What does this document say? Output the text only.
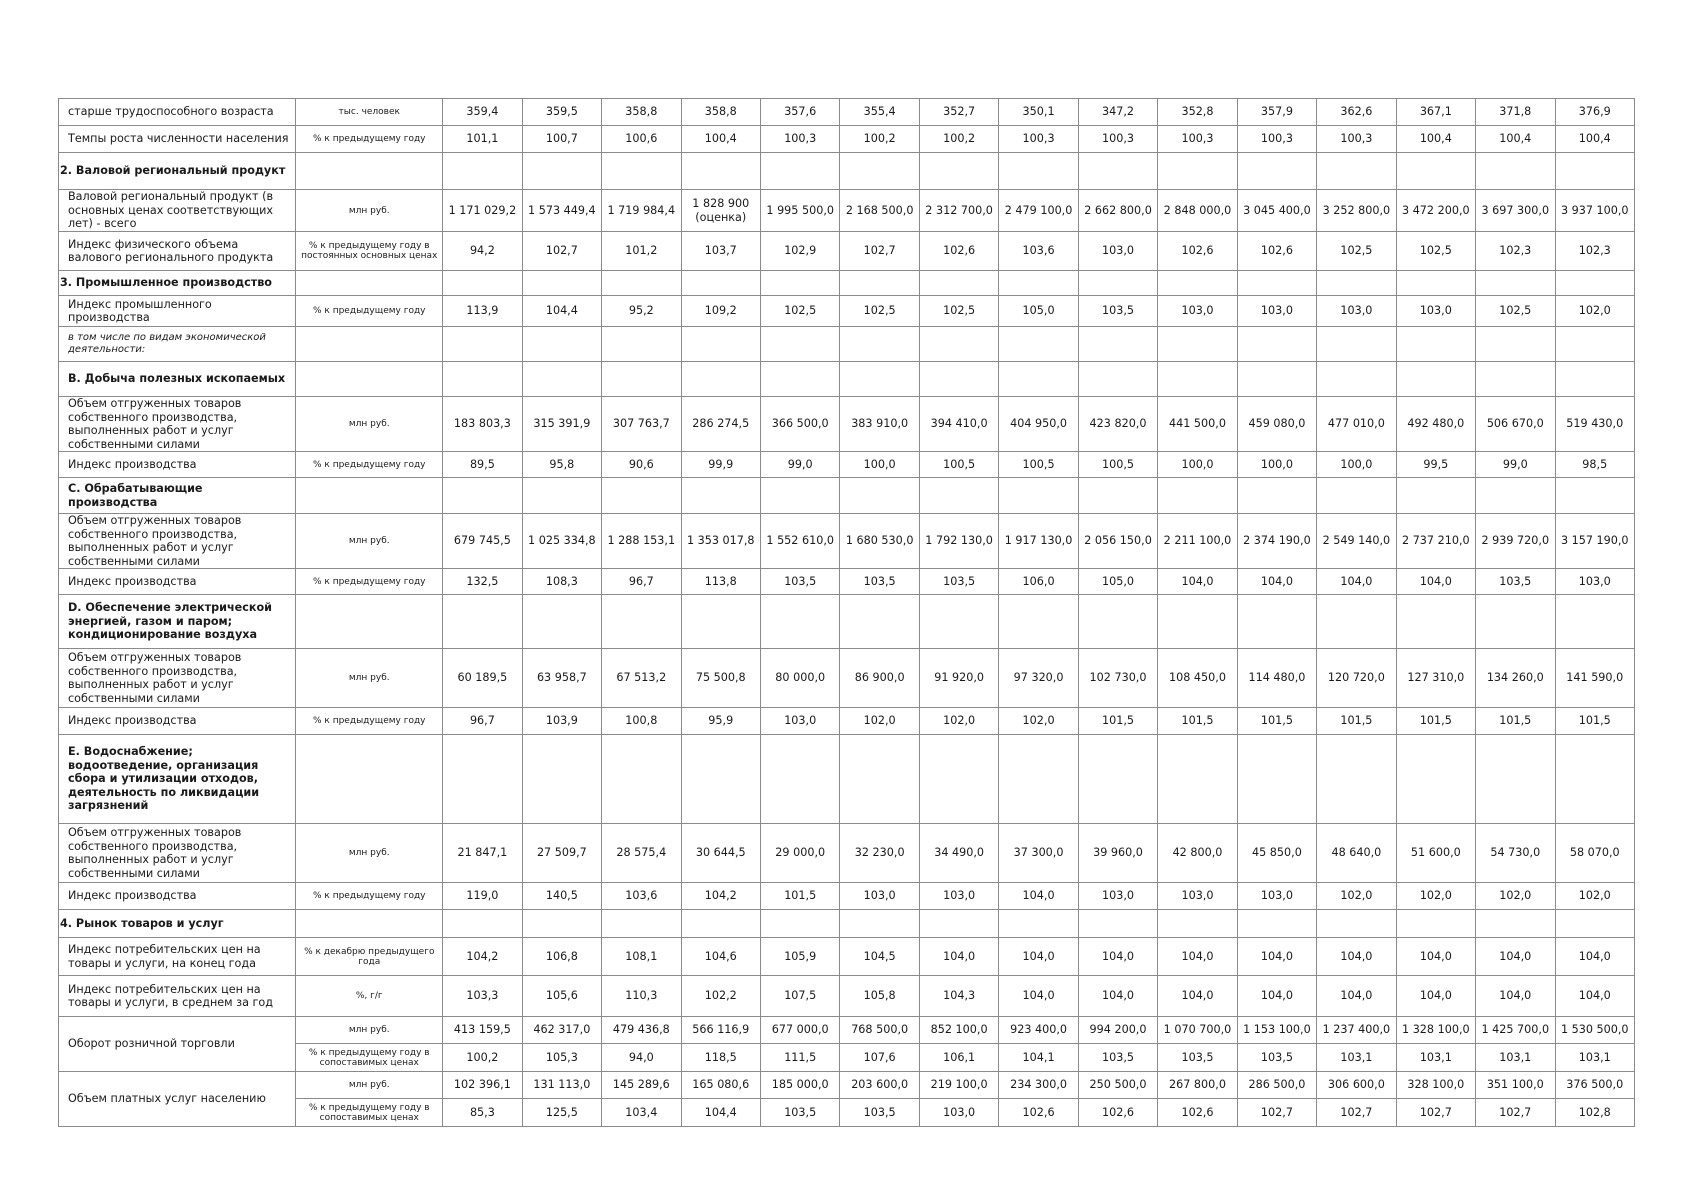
старше трудоспособного возраста	тыс. человек	359,4	359,5	358,8	358,8	357,6	355,4	352,7	350,1	347,2	352,8	357,9	362,6	367,1	371,8	376,9
Темпы роста численности населения	% к предыдущему году	101,1	100,7	100,6	100,4	100,3	100,2	100,2	100,3	100,3	100,3	100,3	100,3	100,4	100,4	100,4
2. Валовой региональный продукт																
Валовой региональный продукт (в основных ценах соответствующих лет) - всего	млн руб.	1 171 029,2	1 573 449,4	1 719 984,4	1 828 900 (оценка)	1 995 500,0	2 168 500,0	2 312 700,0	2 479 100,0	2 662 800,0	2 848 000,0	3 045 400,0	3 252 800,0	3 472 200,0	3 697 300,0	3 937 100,0
Индекс физического объема валового регионального продукта	% к предыдущему году в постоянных основных ценах	94,2	102,7	101,2	103,7	102,9	102,7	102,6	103,6	103,0	102,6	102,6	102,5	102,5	102,3	102,3
3. Промышленное производство																
Индекс промышленного производства	% к предыдущему году	113,9	104,4	95,2	109,2	102,5	102,5	102,5	105,0	103,5	103,0	103,0	103,0	103,0	102,5	102,0
в том числе по видам экономической деятельности:																
B. Добыча полезных ископаемых																
Объем отгруженных товаров собственного производства, выполненных работ и услуг собственными силами	млн руб.	183 803,3	315 391,9	307 763,7	286 274,5	366 500,0	383 910,0	394 410,0	404 950,0	423 820,0	441 500,0	459 080,0	477 010,0	492 480,0	506 670,0	519 430,0
Индекс производства	% к предыдущему году	89,5	95,8	90,6	99,9	99,0	100,0	100,5	100,5	100,5	100,0	100,0	100,0	99,5	99,0	98,5
C. Обрабатывающие производства																
Объем отгруженных товаров собственного производства, выполненных работ и услуг собственными силами	млн руб.	679 745,5	1 025 334,8	1 288 153,1	1 353 017,8	1 552 610,0	1 680 530,0	1 792 130,0	1 917 130,0	2 056 150,0	2 211 100,0	2 374 190,0	2 549 140,0	2 737 210,0	2 939 720,0	3 157 190,0
Индекс производства	% к предыдущему году	132,5	108,3	96,7	113,8	103,5	103,5	103,5	106,0	105,0	104,0	104,0	104,0	104,0	103,5	103,0
D. Обеспечение электрической энергией, газом и паром; кондиционирование воздуха																
Объем отгруженных товаров собственного производства, выполненных работ и услуг собственными силами	млн руб.	60 189,5	63 958,7	67 513,2	75 500,8	80 000,0	86 900,0	91 920,0	97 320,0	102 730,0	108 450,0	114 480,0	120 720,0	127 310,0	134 260,0	141 590,0
Индекс производства	% к предыдущему году	96,7	103,9	100,8	95,9	103,0	102,0	102,0	102,0	101,5	101,5	101,5	101,5	101,5	101,5	101,5
E. Водоснабжение; водоотведение, организация сбора и утилизации отходов, деятельность по ликвидации загрязнений																
Объем отгруженных товаров собственного производства, выполненных работ и услуг собственными силами	млн руб.	21 847,1	27 509,7	28 575,4	30 644,5	29 000,0	32 230,0	34 490,0	37 300,0	39 960,0	42 800,0	45 850,0	48 640,0	51 600,0	54 730,0	58 070,0
Индекс производства	% к предыдущему году	119,0	140,5	103,6	104,2	101,5	103,0	103,0	104,0	103,0	103,0	103,0	102,0	102,0	102,0	102,0
4. Рынок товаров и услуг																
Индекс потребительских цен на товары и услуги, на конец года	% к декабрю предыдущего года	104,2	106,8	108,1	104,6	105,9	104,5	104,0	104,0	104,0	104,0	104,0	104,0	104,0	104,0	104,0
Индекс потребительских цен на товары и услуги, в среднем за год	%, г/г	103,3	105,6	110,3	102,2	107,5	105,8	104,3	104,0	104,0	104,0	104,0	104,0	104,0	104,0	104,0
Оборот розничной торговли	млн руб.	413 159,5	462 317,0	479 436,8	566 116,9	677 000,0	768 500,0	852 100,0	923 400,0	994 200,0	1 070 700,0	1 153 100,0	1 237 400,0	1 328 100,0	1 425 700,0	1 530 500,0
	% к предыдущему году в сопоставимых ценах	100,2	105,3	94,0	118,5	111,5	107,6	106,1	104,1	103,5	103,5	103,5	103,1	103,1	103,1	103,1
Объем платных услуг населению	млн руб.	102 396,1	131 113,0	145 289,6	165 080,6	185 000,0	203 600,0	219 100,0	234 300,0	250 500,0	267 800,0	286 500,0	306 600,0	328 100,0	351 100,0	376 500,0
	% к предыдущему году в сопоставимых ценах	85,3	125,5	103,4	104,4	103,5	103,5	103,0	102,6	102,6	102,6	102,7	102,7	102,7	102,7	102,8
